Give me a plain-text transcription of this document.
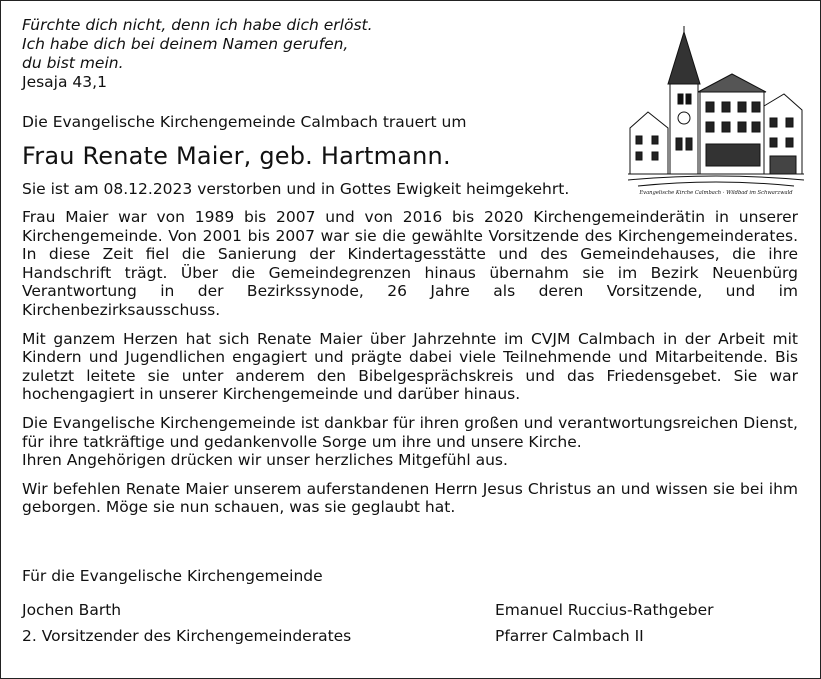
Fürchte dich nicht, denn ich habe dich erlöst.
Ich habe dich bei deinem Namen gerufen,
du bist mein.
Jesaja 43,1
Evangelische Kirche Calmbach · Wildbad im Schwarzwald
Die Evangelische Kirchengemeinde Calmbach trauert um
Frau Renate Maier, geb. Hartmann.
Sie ist am 08.12.2023 verstorben und in Gottes Ewigkeit heimgekehrt.

Frau Maier war von 1989 bis 2007 und von 2016 bis 2020 Kirchengemeinderätin in unserer Kirchengemeinde. Von 2001 bis 2007 war sie die gewählte Vorsitzende des Kirchengemeinderates. In diese Zeit fiel die Sanierung der Kindertagesstätte und des Gemeindehauses, die ihre Handschrift trägt. Über die Gemeindegrenzen hinaus übernahm sie im Bezirk Neuenbürg Verantwortung in der Bezirkssynode, 26 Jahre als deren Vorsitzende, und im Kirchenbezirksausschuss.

Mit ganzem Herzen hat sich Renate Maier über Jahrzehnte im CVJM Calmbach in der Arbeit mit Kindern und Jugendlichen engagiert und prägte dabei viele Teilnehmende und Mitarbeitende. Bis zuletzt leitete sie unter anderem den Bibelgesprächskreis und das Friedensgebet. Sie war hochengagiert in unserer Kirchengemeinde und darüber hinaus.

Die Evangelische Kirchengemeinde ist dankbar für ihren großen und verantwortungsreichen Dienst, für ihre tatkräftige und gedankenvolle Sorge um ihre und unsere Kirche.

Ihren Angehörigen drücken wir unser herzliches Mitgefühl aus.

Wir befehlen Renate Maier unserem auferstandenen Herrn Jesus Christus an und wissen sie bei ihm geborgen. Möge sie nun schauen, was sie geglaubt hat.

Für die Evangelische Kirchengemeinde
Jochen Barth
2. Vorsitzender des Kirchengemeinderates
Emanuel Ruccius-Rathgeber
Pfarrer Calmbach II
